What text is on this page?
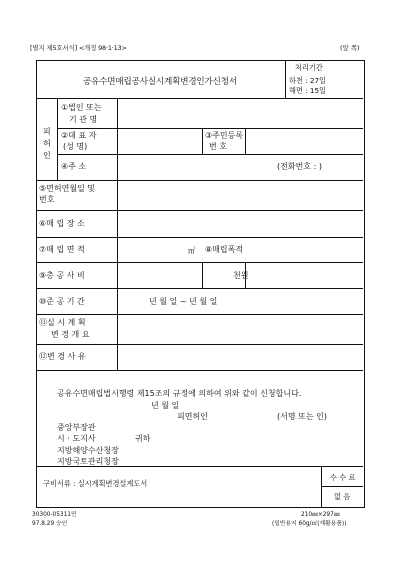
[별지 제5호서식] <개정 98·1·13>	(앞 쪽)
공유수면매립공사실시계획변경인가신청서
처리기간
하천 : 27일
해면 : 15일
피
허
인
①법인 또는
기 관 명
②대 표 자
(성 명)
③주민등록
번 호
④주 소	(전화번호 : )
⑤면허연월일 및
번호
⑥매 립 장 소
⑦매 립 면 적	㎡ ⑧매립폭적
⑨총 공 사 비	천원
⑩준 공 기 간	년 월 일 ~ 년 월 일
⑪실 시 계 획
변 경 개 요
⑫변 경 사 유
공유수면매립법시행령 제15조의 규정에 의하여 위와 같이 신청합니다.
년 월 일
피면허인	(서명 또는 인)
중앙부장관
시 · 도지사	귀하
지방해양수산청장
지방국토관리청장
구비서류 : 실시계획변경설계도서
수 수 료
없 음
30300-05311민
97.8.29 승인
210㎜×297㎜
(일반용지 60g/㎡(재활용품))
